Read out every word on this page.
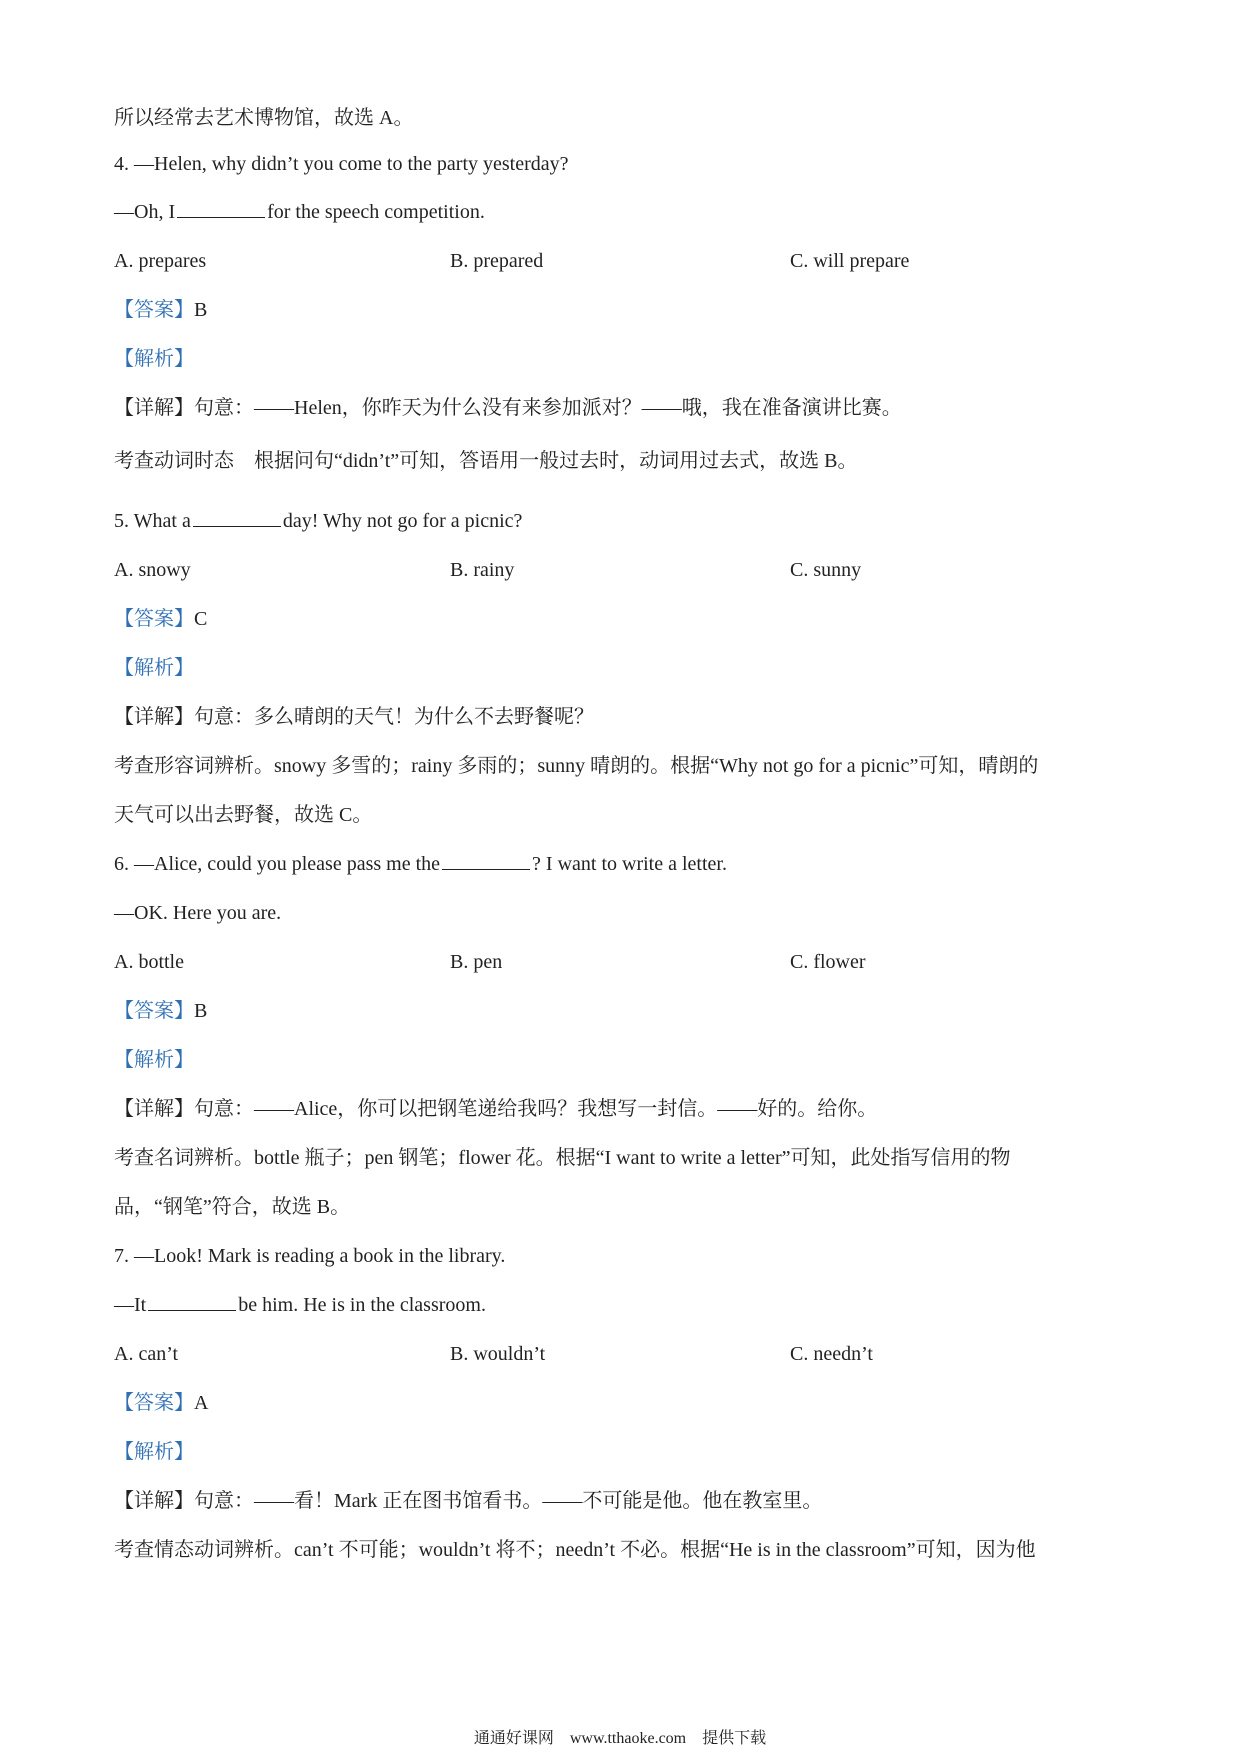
所以经常去艺术博物馆，故选 A。
4. —Helen, why didn’t you come to the party yesterday?
—Oh, I	for the speech competition.
A. prepares	B. prepared	C. will prepare
【答案】B
【解析】
【详解】句意：——Helen，你昨天为什么没有来参加派对？——哦，我在准备演讲比赛。
考查动词时态　根据问句“didn’t”可知，答语用一般过去时，动词用过去式，故选 B。
5. What a	day! Why not go for a picnic?
A. snowy	B. rainy	C. sunny
【答案】C
【解析】
【详解】句意：多么晴朗的天气！为什么不去野餐呢？
考查形容词辨析。snowy 多雪的；rainy 多雨的；sunny 晴朗的。根据“Why not go for a picnic”可知，晴朗的
天气可以出去野餐，故选 C。
6. —Alice, could you please pass me the	? I want to write a letter.
—OK. Here you are.
A. bottle	B. pen	C. flower
【答案】B
【解析】
【详解】句意：——Alice，你可以把钢笔递给我吗？我想写一封信。——好的。给你。
考查名词辨析。bottle 瓶子；pen 钢笔；flower 花。根据“I want to write a letter”可知，此处指写信用的物
品，“钢笔”符合，故选 B。
7. —Look! Mark is reading a book in the library.
—It	be him. He is in the classroom.
A. can’t	B. wouldn’t	C. needn’t
【答案】A
【解析】
【详解】句意：——看！Mark 正在图书馆看书。——不可能是他。他在教室里。
考查情态动词辨析。can’t 不可能；wouldn’t 将不；needn’t 不必。根据“He is in the classroom”可知，因为他
通通好课网　www.tthaoke.com　提供下载
